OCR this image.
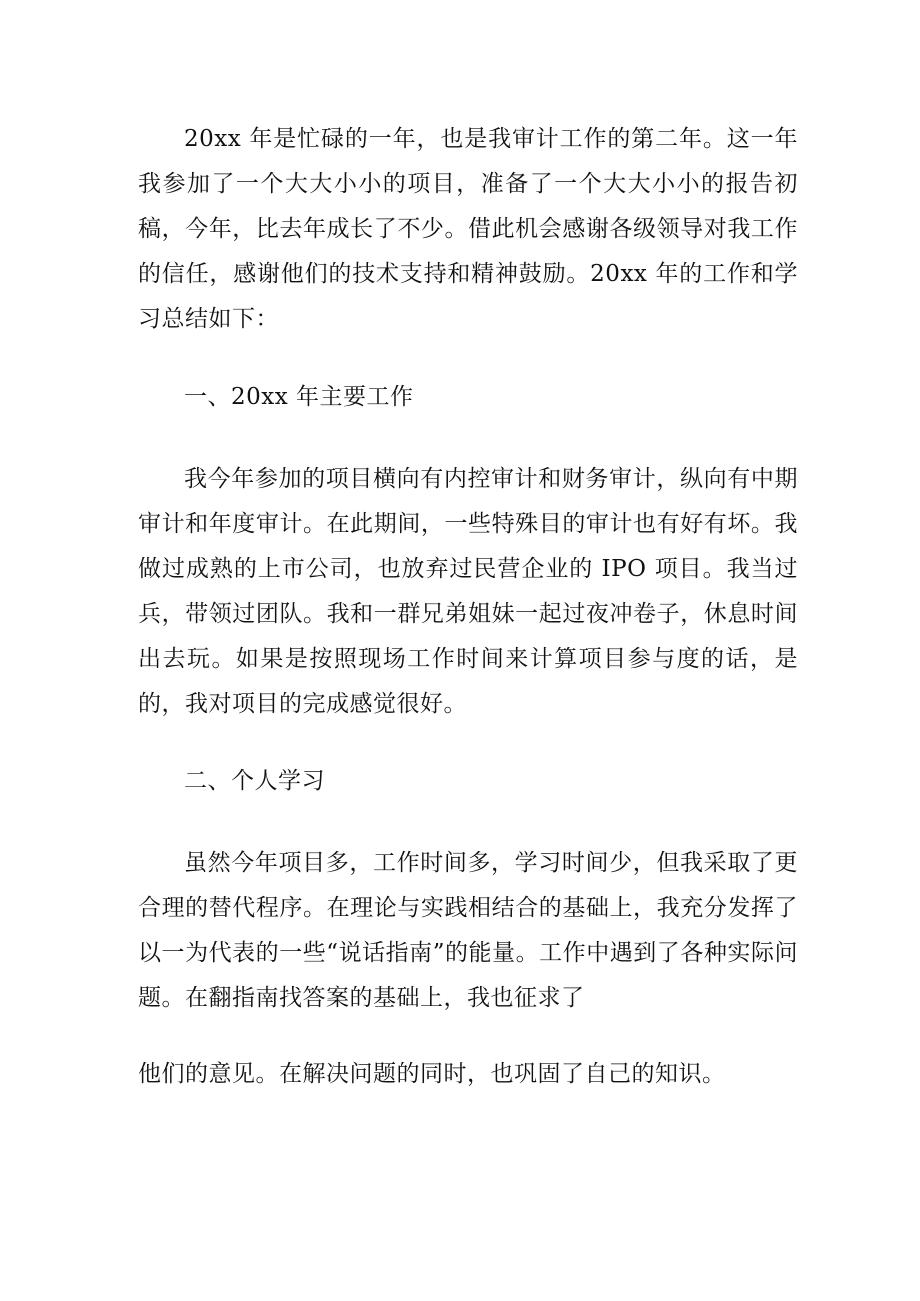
20xx 年是忙碌的一年，也是我审计工作的第二年。这一年我参加了一个大大小小的项目，准备了一个大大小小的报告初稿，今年，比去年成长了不少。借此机会感谢各级领导对我工作的信任，感谢他们的技术支持和精神鼓励。20xx 年的工作和学习总结如下：

一、20xx 年主要工作

我今年参加的项目横向有内控审计和财务审计，纵向有中期审计和年度审计。在此期间，一些特殊目的审计也有好有坏。我做过成熟的上市公司，也放弃过民营企业的 IPO 项目。我当过兵，带领过团队。我和一群兄弟姐妹一起过夜冲卷子，休息时间出去玩。如果是按照现场工作时间来计算项目参与度的话，是的，我对项目的完成感觉很好。

二、个人学习

虽然今年项目多，工作时间多，学习时间少，但我采取了更合理的替代程序。在理论与实践相结合的基础上，我充分发挥了以一为代表的一些“说话指南”的能量。工作中遇到了各种实际问题。在翻指南找答案的基础上，我也征求了

他们的意见。在解决问题的同时，也巩固了自己的知识。
